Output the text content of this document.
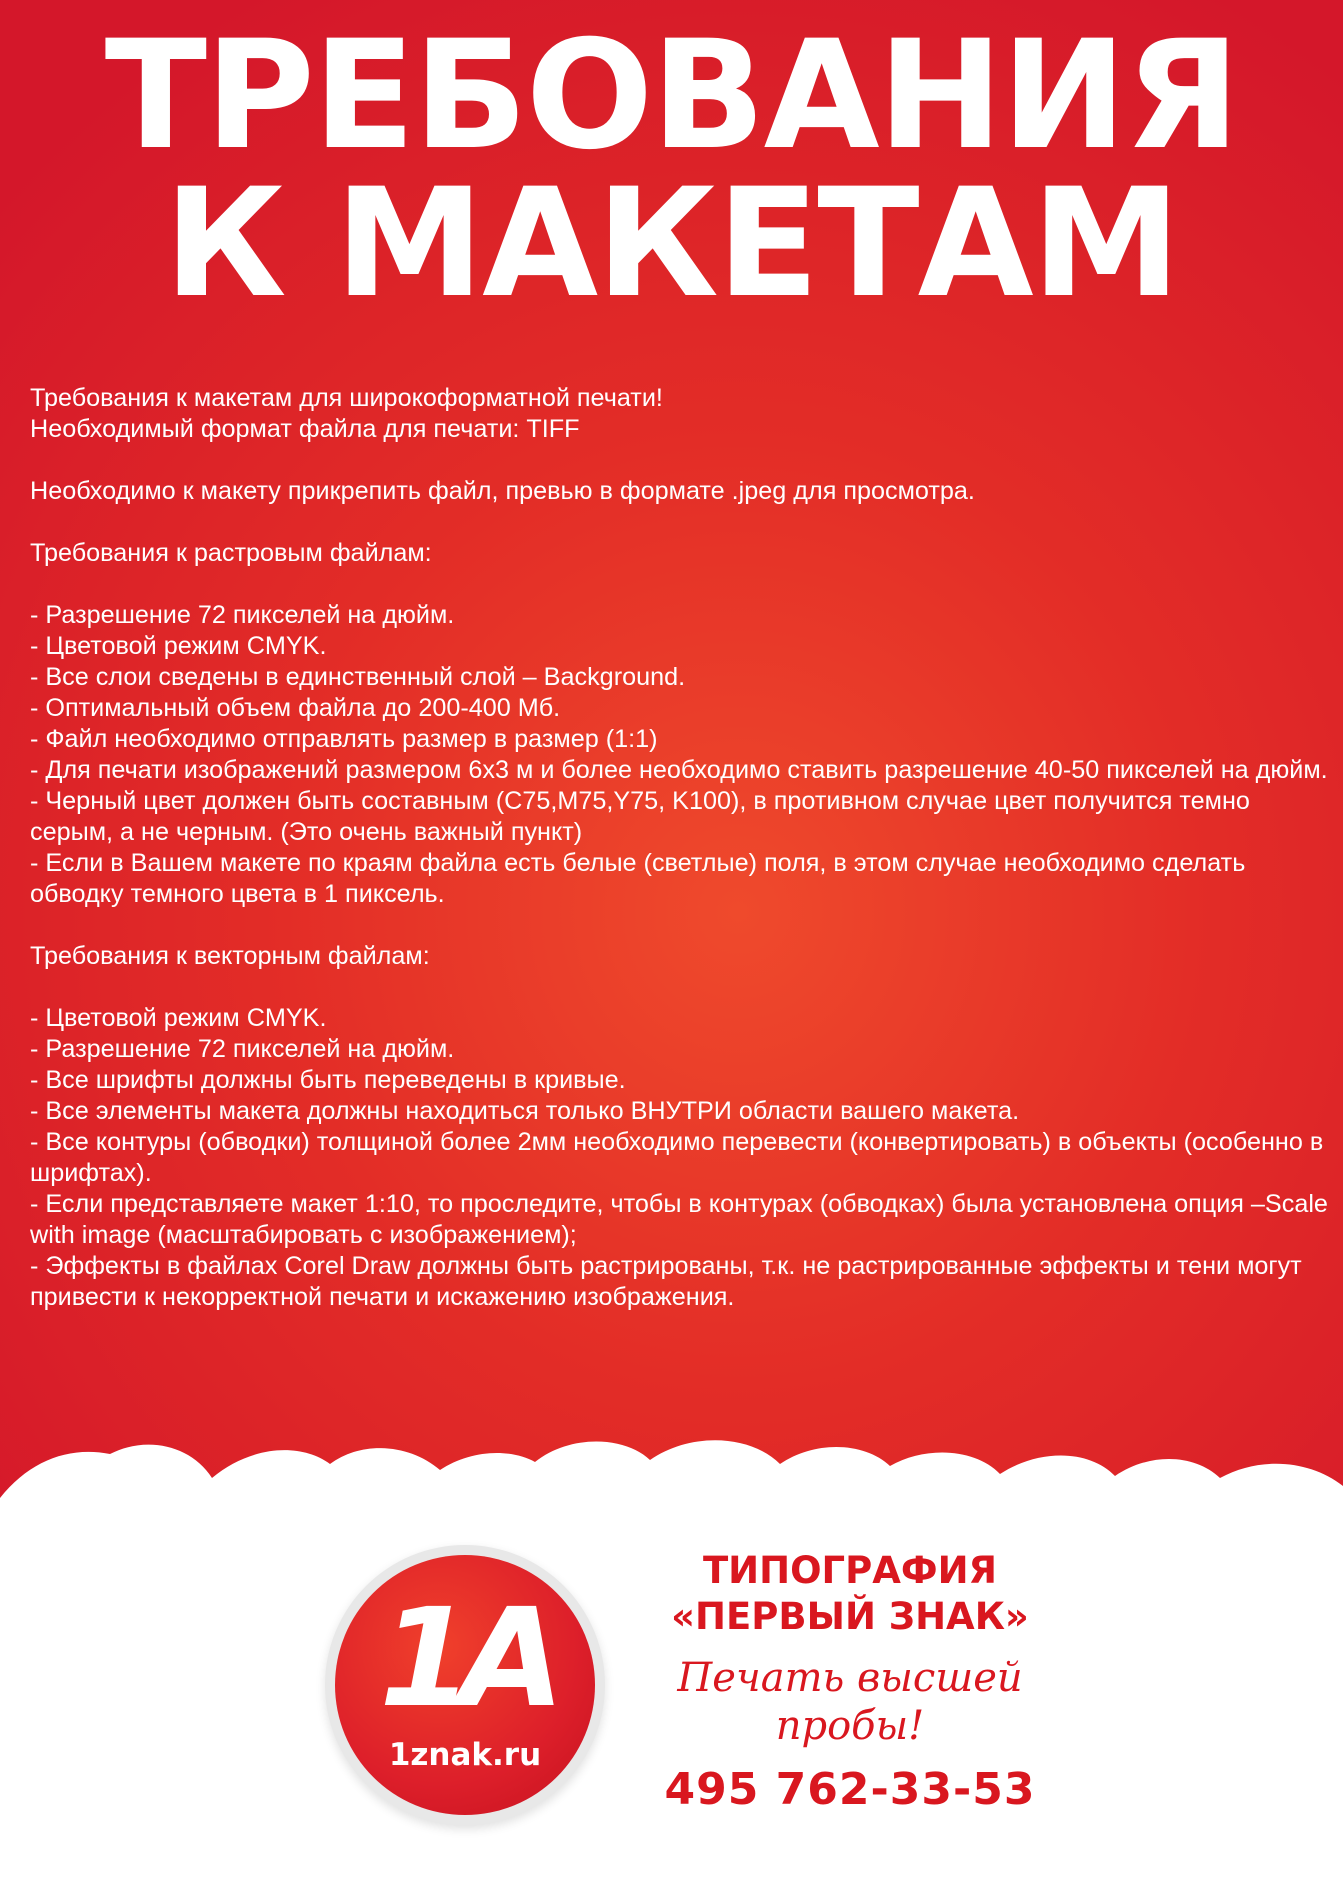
ТРЕБОВАНИЯ
К МАКЕТАМ
Требования к макетам для широкоформатной печати!
Необходимый формат файла для печати: TIFF
Необходимо к макету прикрепить файл, превью в формате .jpeg для просмотра.
Требования к растровым файлам:
- Разрешение 72 пикселей на дюйм.
- Цветовой режим CMYK.
- Все слои сведены в единственный слой – Background.
- Оптимальный объем файла до 200-400 Мб.
- Файл необходимо отправлять размер в размер (1:1)
- Для печати изображений размером 6х3 м и более необходимо ставить разрешение 40-50 пикселей на дюйм.
- Черный цвет должен быть составным (C75,M75,Y75, K100), в противном случае цвет получится темно серым, а не черным. (Это очень важный пункт)
- Если в Вашем макете по краям файла есть белые (светлые) поля, в этом случае необходимо сделать обводку темного цвета в 1 пиксель.
Требования к векторным файлам:
- Цветовой режим CMYK.
- Разрешение 72 пикселей на дюйм.
- Все шрифты должны быть переведены в кривые.
- Все элементы макета должны находиться только ВНУТРИ области вашего макета.
- Все контуры (обводки) толщиной более 2мм необходимо перевести (конвертировать) в объекты (особенно в шрифтах).
- Если представляете макет 1:10, то проследите, чтобы в контурах (обводках) была установлена опция –Scale with image (масштабировать с изображением);
- Эффекты в файлах Corel Draw должны быть растрированы, т.к. не растрированные эффекты и тени могут привести к некорректной печати и искажению изображения.
1A
1znak.ru
ТИПОГРАФИЯ
«ПЕРВЫЙ ЗНАК»
Печать высшей пробы!
495 762-33-53
